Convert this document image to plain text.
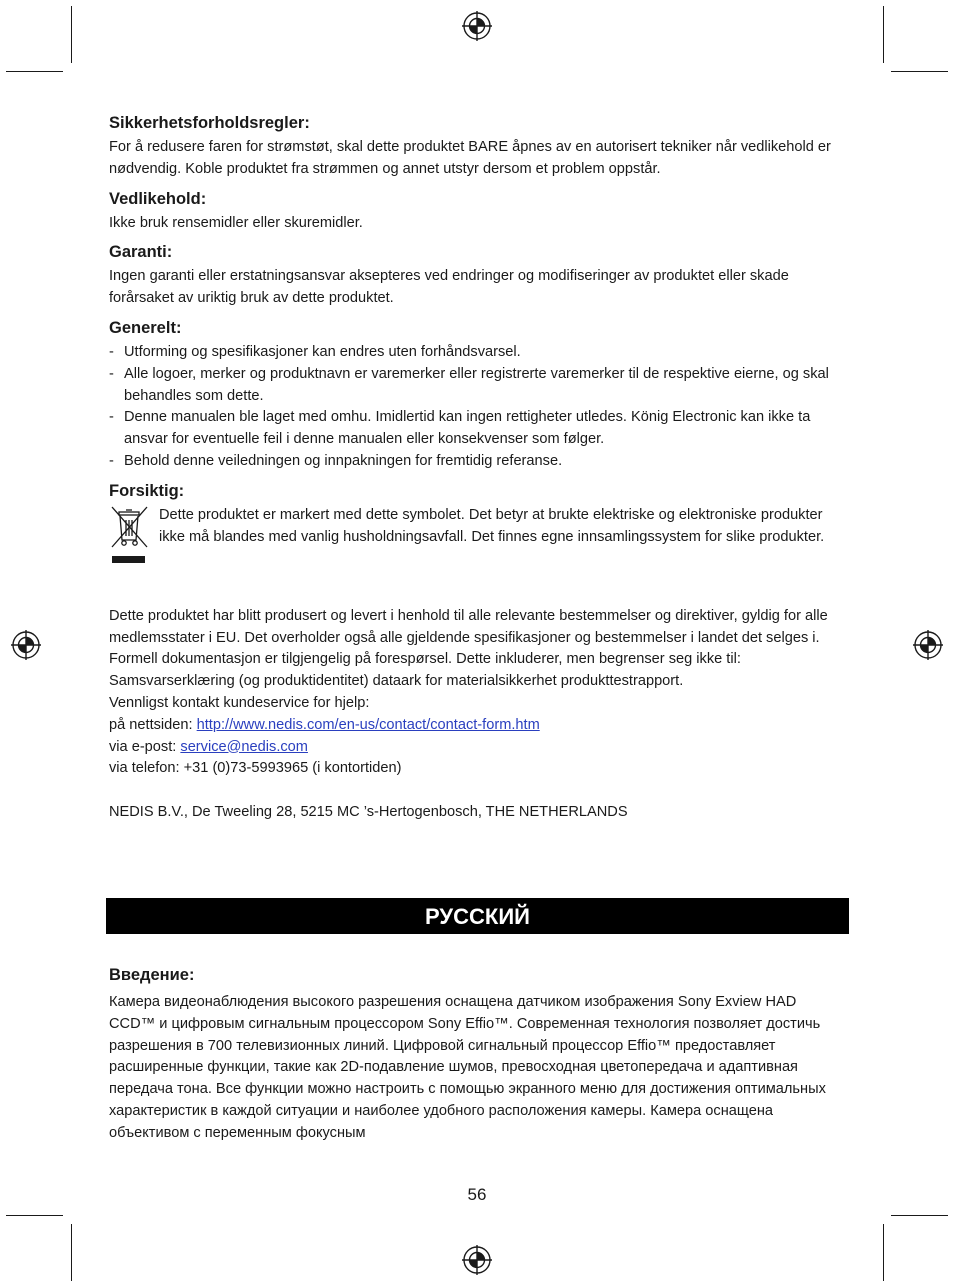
Sikkerhetsforholdsregler:

For å redusere faren for strømstøt, skal dette produktet BARE åpnes av en autorisert tekniker når vedlikehold er nødvendig. Koble produktet fra strømmen og annet utstyr dersom et problem oppstår.

Vedlikehold:

Ikke bruk rensemidler eller skuremidler.

Garanti:

Ingen garanti eller erstatningsansvar aksepteres ved endringer og modifiseringer av produktet eller skade forårsaket av uriktig bruk av dette produktet.

Generelt:
- Utforming og spesifikasjoner kan endres uten forhåndsvarsel.
- Alle logoer, merker og produktnavn er varemerker eller registrerte varemerker til de respektive eierne, og skal behandles som dette.
- Denne manualen ble laget med omhu. Imidlertid kan ingen rettigheter utledes. König Electronic kan ikke ta ansvar for eventuelle feil i denne manualen eller konsekvenser som følger.
- Behold denne veiledningen og innpakningen for fremtidig referanse.
Forsiktig:

Dette produktet er markert med dette symbolet. Det betyr at brukte elektriske og elektroniske produkter ikke må blandes med vanlig husholdningsavfall. Det finnes egne innsamlingssystem for slike produkter.

Dette produktet har blitt produsert og levert i henhold til alle relevante bestemmelser og direktiver, gyldig for alle medlemsstater i EU. Det overholder også alle gjeldende spesifikasjoner og bestemmelser i landet det selges i.

Formell dokumentasjon er tilgjengelig på forespørsel. Dette inkluderer, men begrenser seg ikke til: Samsvarserklæring (og produktidentitet) dataark for materialsikkerhet produkttestrapport.

Vennligst kontakt kundeservice for hjelp:

på nettsiden: http://www.nedis.com/en-us/contact/contact-form.htm

via e-post: service@nedis.com

via telefon: +31 (0)73-5993965 (i kontortiden)

NEDIS B.V., De Tweeling 28, 5215 MC ’s-Hertogenbosch, THE NETHERLANDS

РУССКИЙ
Введение:

Камера видеонаблюдения высокого разрешения оснащена датчиком изображения Sony Exview HAD CCD™ и цифровым сигнальным процессором Sony Effio™. Современная технология позволяет достичь разрешения в 700 телевизионных линий. Цифровой сигнальный процессор Effio™ предоставляет расширенные функции, такие как 2D-подавление шумов, превосходная цветопередача и адаптивная передача тона. Все функции можно настроить с помощью экранного меню для достижения оптимальных характеристик в каждой ситуации и наиболее удобного расположения камеры. Камера оснащена объективом с переменным фокусным

56
